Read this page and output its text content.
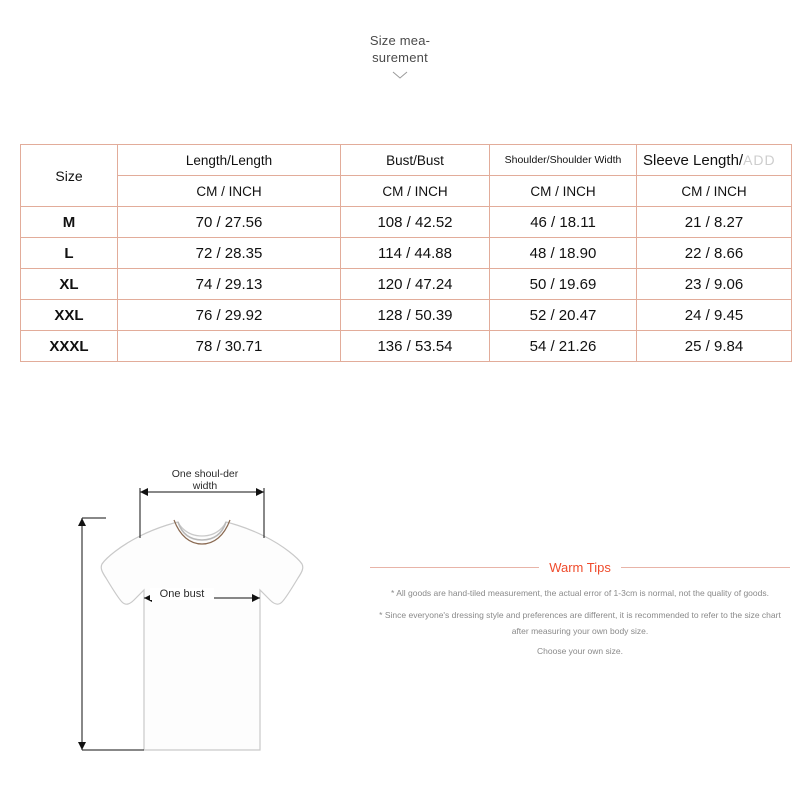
Size mea-surement
Size	Length/Length	Bust/Bust	Shoulder/Shoulder Width	Sleeve Length/ADD
	CM / INCH	CM / INCH	CM / INCH	CM / INCH
M	70 / 27.56	108 / 42.52	46 / 18.11	21 / 8.27
L	72 / 28.35	114 / 44.88	48 / 18.90	22 / 8.66
XL	74 / 29.13	120 / 47.24	50 / 19.69	23 / 9.06
XXL	76 / 29.92	128 / 50.39	52 / 20.47	24 / 9.45
XXXL	78 / 30.71	136 / 53.54	54 / 21.26	25 / 9.84
One shoul-der width
One bust
Warm Tips
* All goods are hand-tiled measurement, the actual error of 1-3cm is normal, not the quality of goods.
* Since everyone's dressing style and preferences are different, it is recommended to refer to the size chart after measuring your own body size.
Choose your own size.
